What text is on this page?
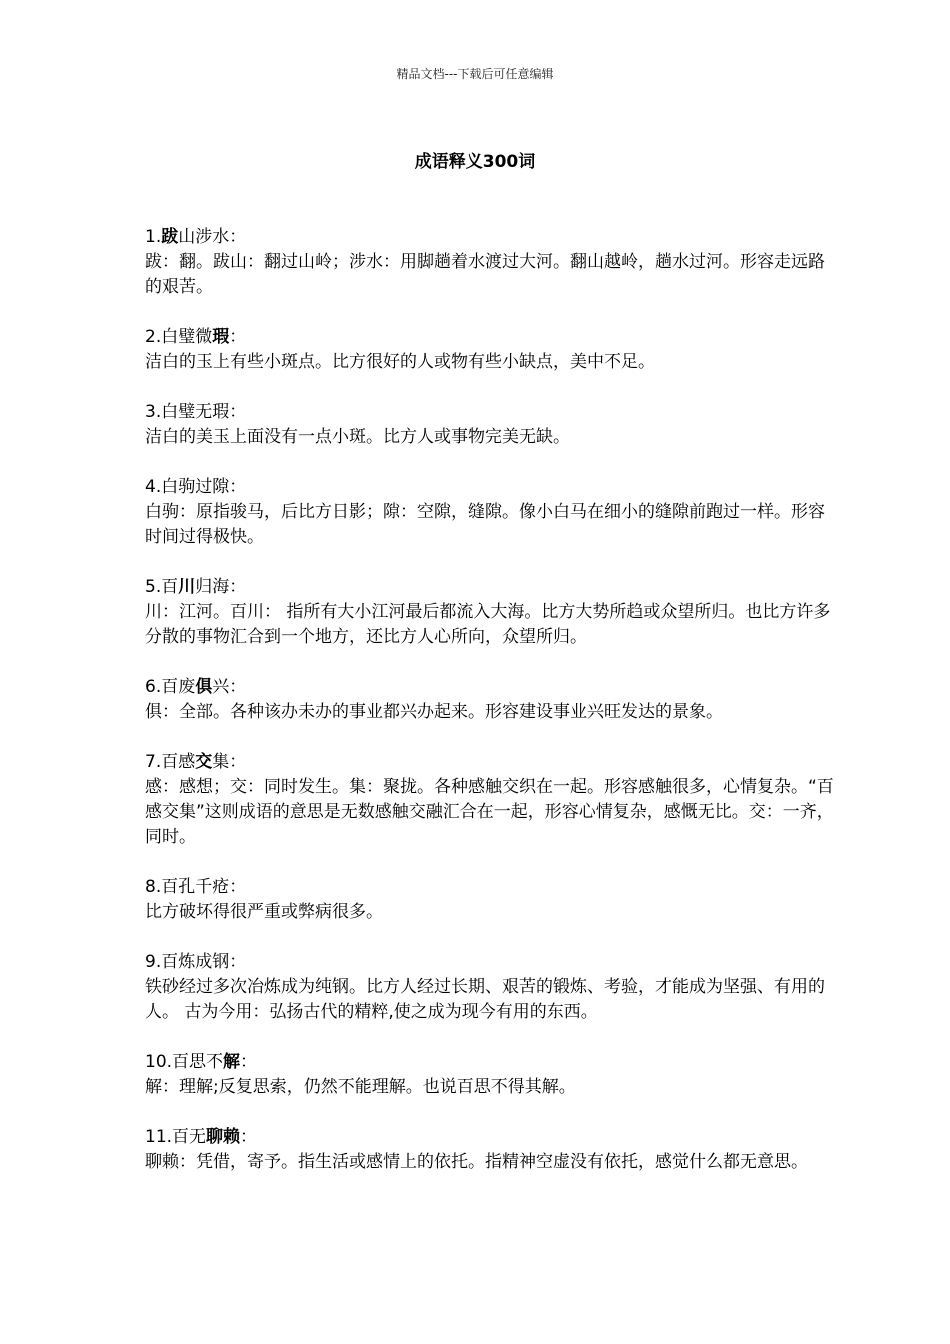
精品文档---下载后可任意编辑
成语释义300词
1.跋山涉水：
跋：翻。跋山：翻过山岭；涉水：用脚趟着水渡过大河。翻山越岭，趟水过河。形容走远路的艰苦。
2.白璧微瑕：
洁白的玉上有些小斑点。比方很好的人或物有些小缺点，美中不足。
3.白璧无瑕：
洁白的美玉上面没有一点小斑。比方人或事物完美无缺。
4.白驹过隙：
白驹：原指骏马，后比方日影；隙：空隙，缝隙。像小白马在细小的缝隙前跑过一样。形容时间过得极快。
5.百川归海：
川：江河。百川： 指所有大小江河最后都流入大海。比方大势所趋或众望所归。也比方许多分散的事物汇合到一个地方，还比方人心所向，众望所归。
6.百废俱兴：
俱：全部。各种该办未办的事业都兴办起来。形容建设事业兴旺发达的景象。
7.百感交集：
感：感想；交：同时发生。集：聚拢。各种感触交织在一起。形容感触很多，心情复杂。“百感交集”这则成语的意思是无数感触交融汇合在一起，形容心情复杂，感慨无比。交：一齐，同时。
8.百孔千疮：
比方破坏得很严重或弊病很多。
9.百炼成钢：
铁砂经过多次冶炼成为纯钢。比方人经过长期、艰苦的锻炼、考验，才能成为坚强、有用的人。 古为今用：弘扬古代的精粹,使之成为现今有用的东西。
10.百思不解：
解：理解;反复思索，仍然不能理解。也说百思不得其解。
11.百无聊赖：
聊赖：凭借，寄予。指生活或感情上的依托。指精神空虚没有依托，感觉什么都无意思。
